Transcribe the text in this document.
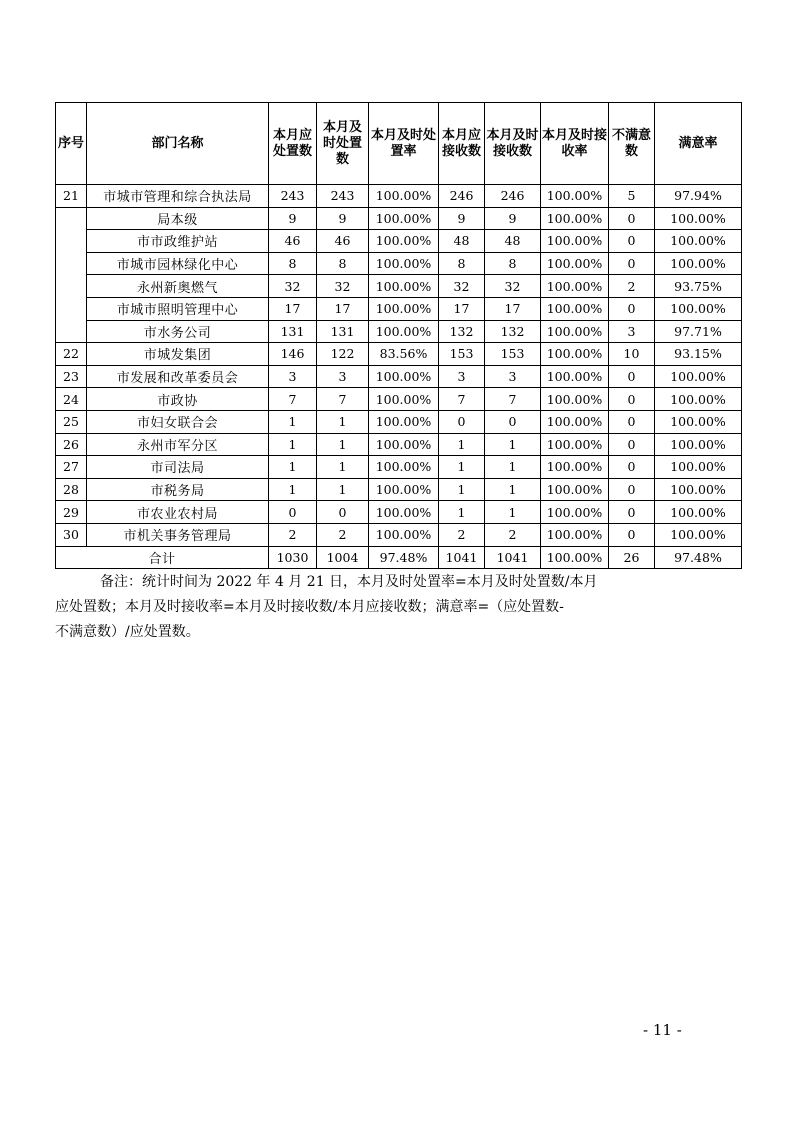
序号	部门名称	本月应处置数	本月及时处置数	本月及时处置率	本月应接收数	本月及时接收数	本月及时接收率	不满意数	满意率
21	市城市管理和综合执法局	243	243	100.00%	246	246	100.00%	5	97.94%
	局本级	9	9	100.00%	9	9	100.00%	0	100.00%
	市市政维护站	46	46	100.00%	48	48	100.00%	0	100.00%
	市城市园林绿化中心	8	8	100.00%	8	8	100.00%	0	100.00%
	永州新奥燃气	32	32	100.00%	32	32	100.00%	2	93.75%
	市城市照明管理中心	17	17	100.00%	17	17	100.00%	0	100.00%
	市水务公司	131	131	100.00%	132	132	100.00%	3	97.71%
22	市城发集团	146	122	83.56%	153	153	100.00%	10	93.15%
23	市发展和改革委员会	3	3	100.00%	3	3	100.00%	0	100.00%
24	市政协	7	7	100.00%	7	7	100.00%	0	100.00%
25	市妇女联合会	1	1	100.00%	0	0	100.00%	0	100.00%
26	永州市军分区	1	1	100.00%	1	1	100.00%	0	100.00%
27	市司法局	1	1	100.00%	1	1	100.00%	0	100.00%
28	市税务局	1	1	100.00%	1	1	100.00%	0	100.00%
29	市农业农村局	0	0	100.00%	1	1	100.00%	0	100.00%
30	市机关事务管理局	2	2	100.00%	2	2	100.00%	0	100.00%
合计		1030	1004	97.48%	1041	1041	100.00%	26	97.48%
备注：统计时间为 2022 年 4 月 21 日，本月及时处置率=本月及时处置数/本月
应处置数；本月及时接收率=本月及时接收数/本月应接收数；满意率=（应处置数-
不满意数）/应处置数。
- 11 -
